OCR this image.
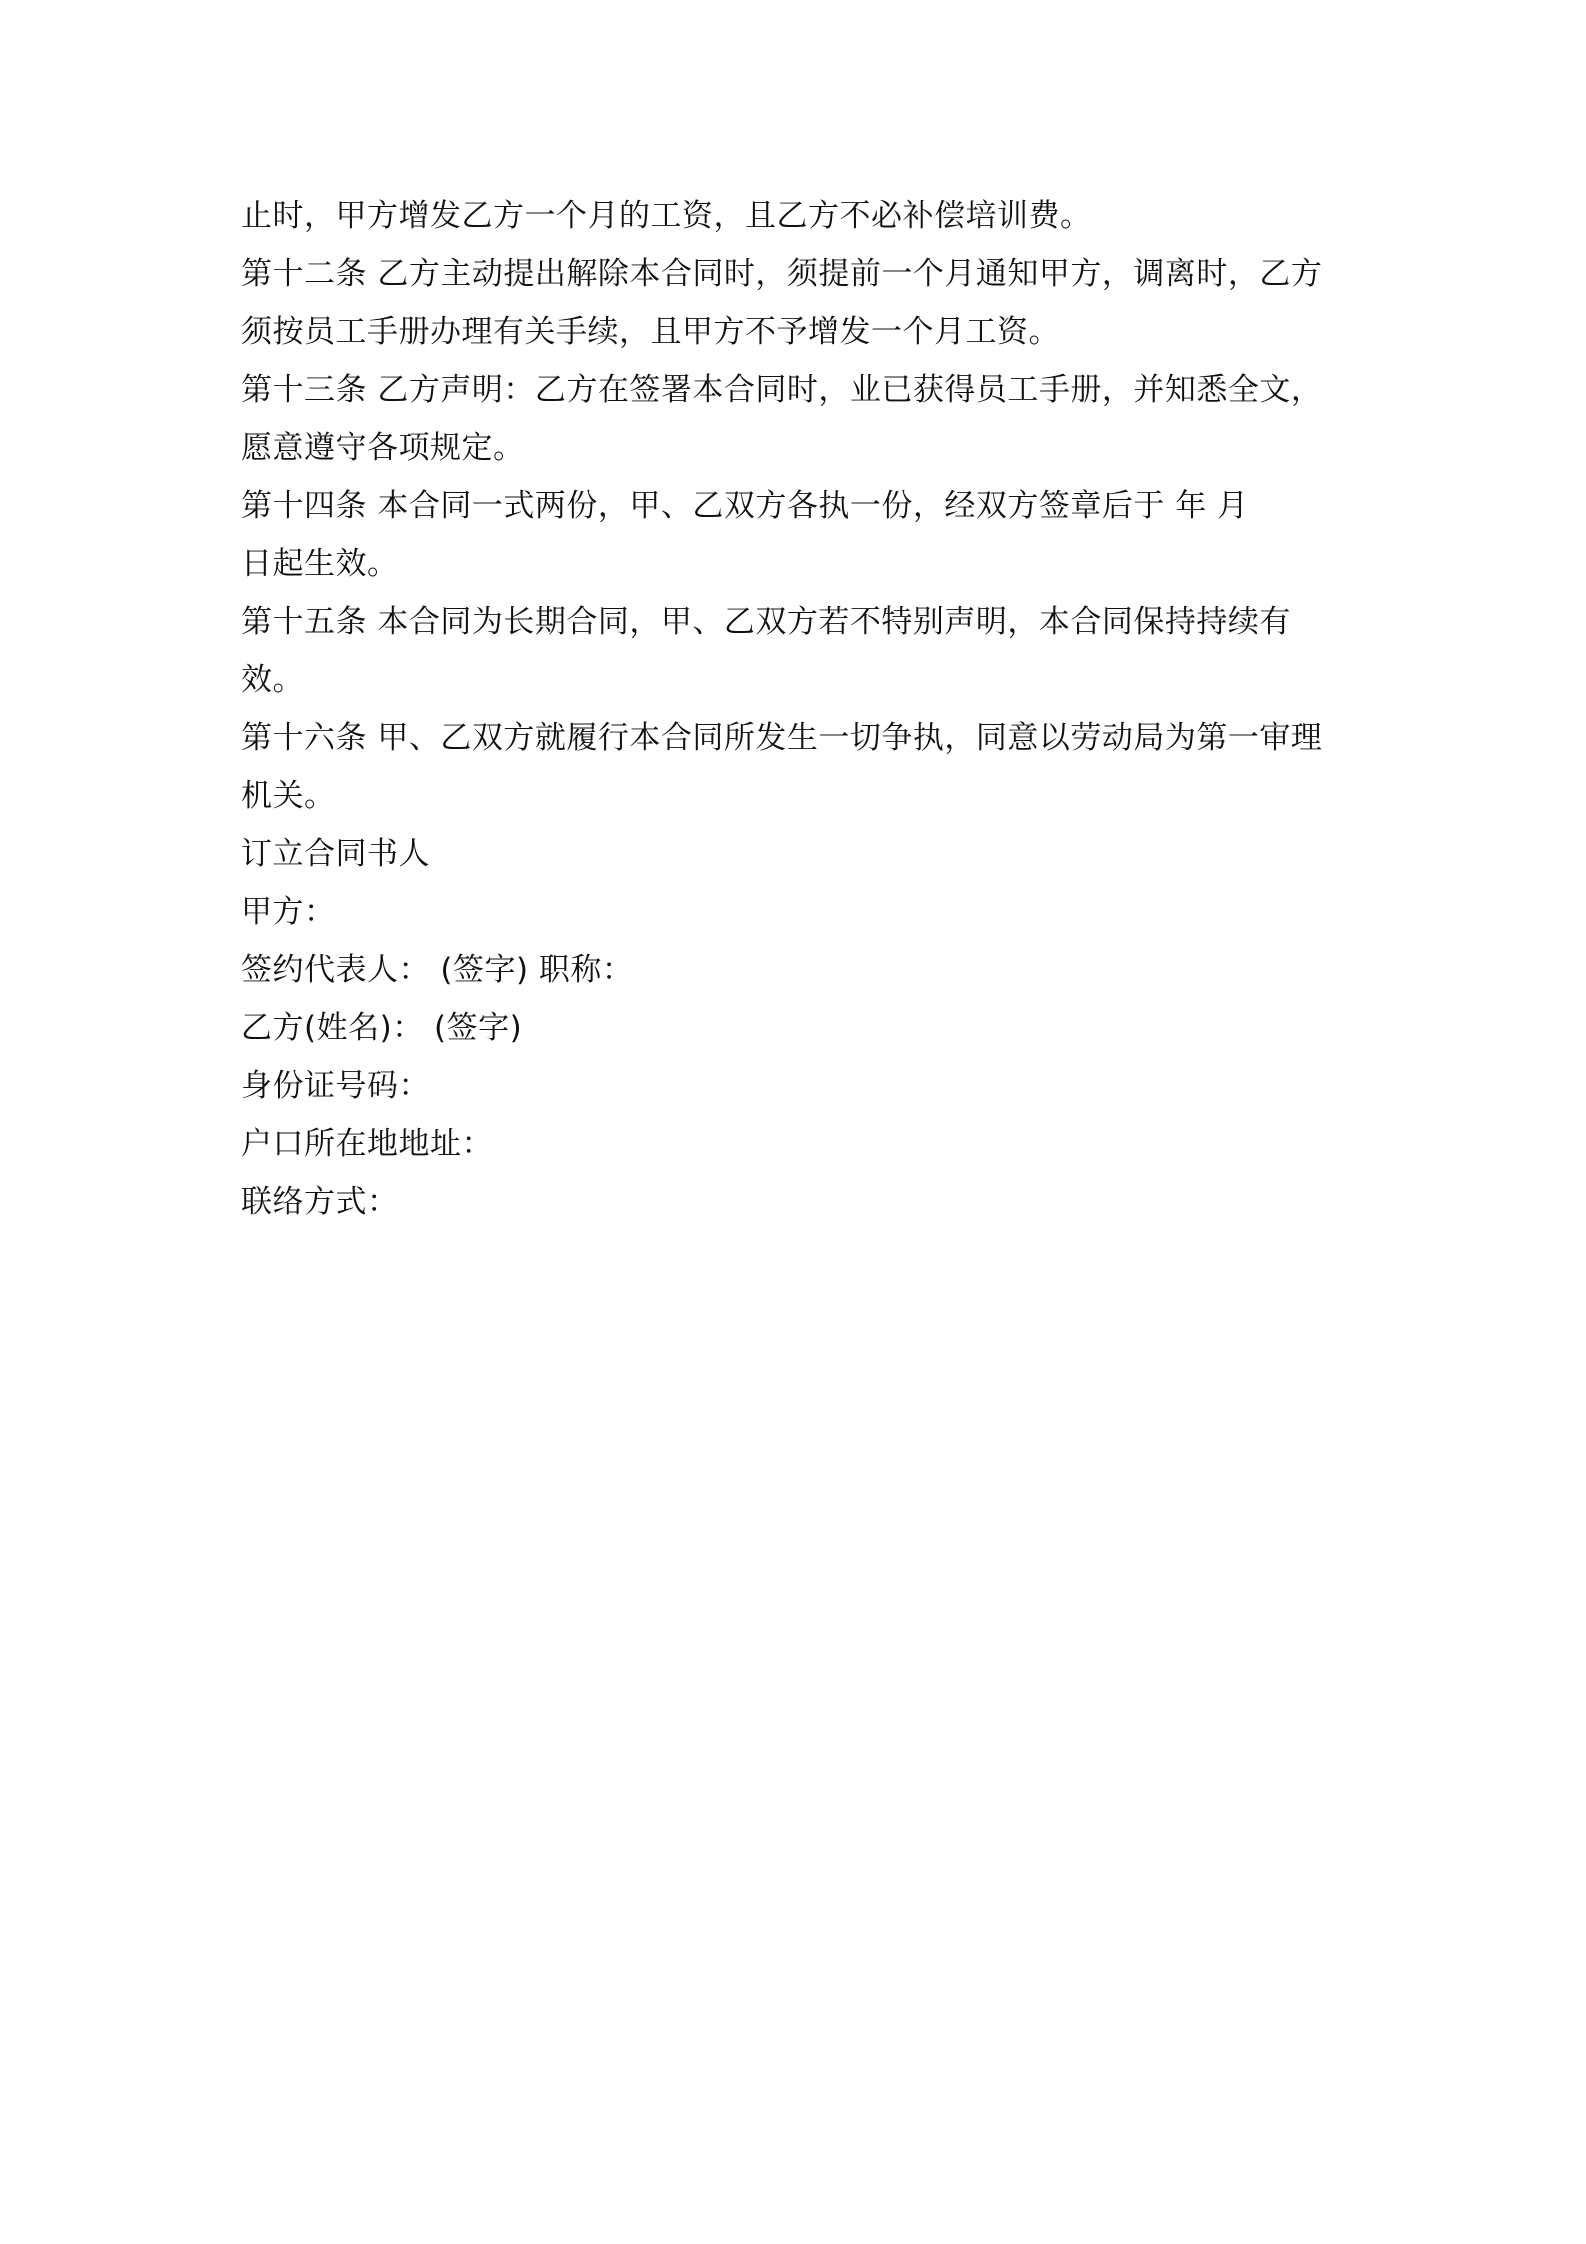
止时，甲方增发乙方一个月的工资，且乙方不必补偿培训费。
第十二条 乙方主动提出解除本合同时，须提前一个月通知甲方，调离时，乙方
须按员工手册办理有关手续，且甲方不予增发一个月工资。
第十三条 乙方声明：乙方在签署本合同时，业已获得员工手册，并知悉全文，
愿意遵守各项规定。
第十四条 本合同一式两份，甲、乙双方各执一份，经双方签章后于 年 月
日起生效。
第十五条 本合同为长期合同，甲、乙双方若不特别声明，本合同保持持续有
效。
第十六条 甲、乙双方就履行本合同所发生一切争执，同意以劳动局为第一审理
机关。
订立合同书人
甲方：
签约代表人： (签字) 职称：
乙方(姓名)： (签字)
身份证号码：
户口所在地地址：
联络方式：
